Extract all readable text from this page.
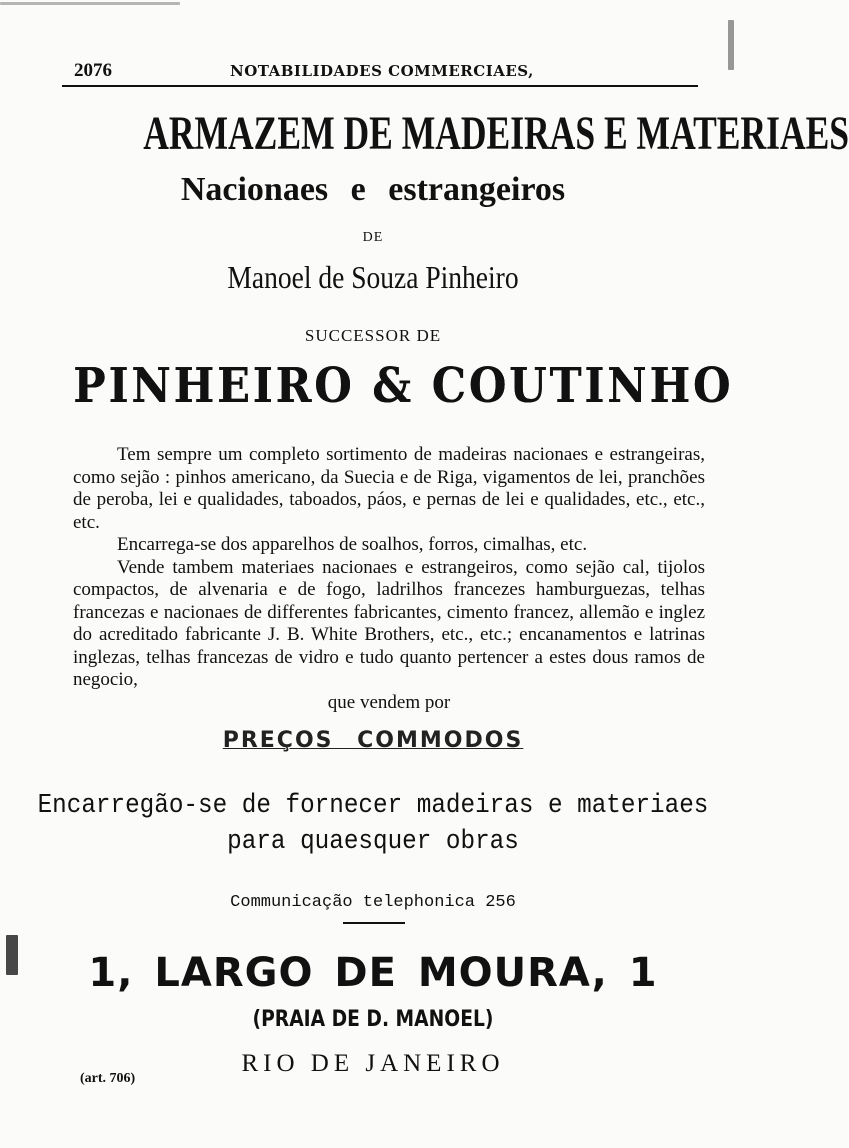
2076	NOTABILIDADES COMMERCIAES,
ARMAZEM DE MADEIRAS E MATERIAES
Nacionaes e estrangeiros
DE
Manoel de Souza Pinheiro
SUCCESSOR DE
PINHEIRO & COUTINHO

Tem sempre um completo sortimento de madeiras nacionaes e estrangeiras, como sejão : pinhos americano, da Suecia e de Riga, vigamentos de lei, pranchões de peroba, lei e qualidades, taboados, páos, e pernas de lei e qualidades, etc., etc., etc.

Encarrega-se dos apparelhos de soalhos, forros, cimalhas, etc.

Vende tambem materiaes nacionaes e estrangeiros, como sejão cal, tijolos compactos, de alvenaria e de fogo, ladrilhos francezes hamburguezas, telhas francezas e nacionaes de differentes fabricantes, cimento francez, allemão e inglez do acreditado fabricante J. B. White Brothers, etc., etc.; encanamentos e latrinas inglezas, telhas francezas de vidro e tudo quanto pertencer a estes dous ramos de negocio,

que vendem por

PREÇOS COMMODOS
Encarregão-se de fornecer madeiras e materiaes
para quaesquer obras
Communicação telephonica 256
1, LARGO DE MOURA, 1
(PRAIA DE D. MANOEL)
RIO DE JANEIRO
(art. 706)
